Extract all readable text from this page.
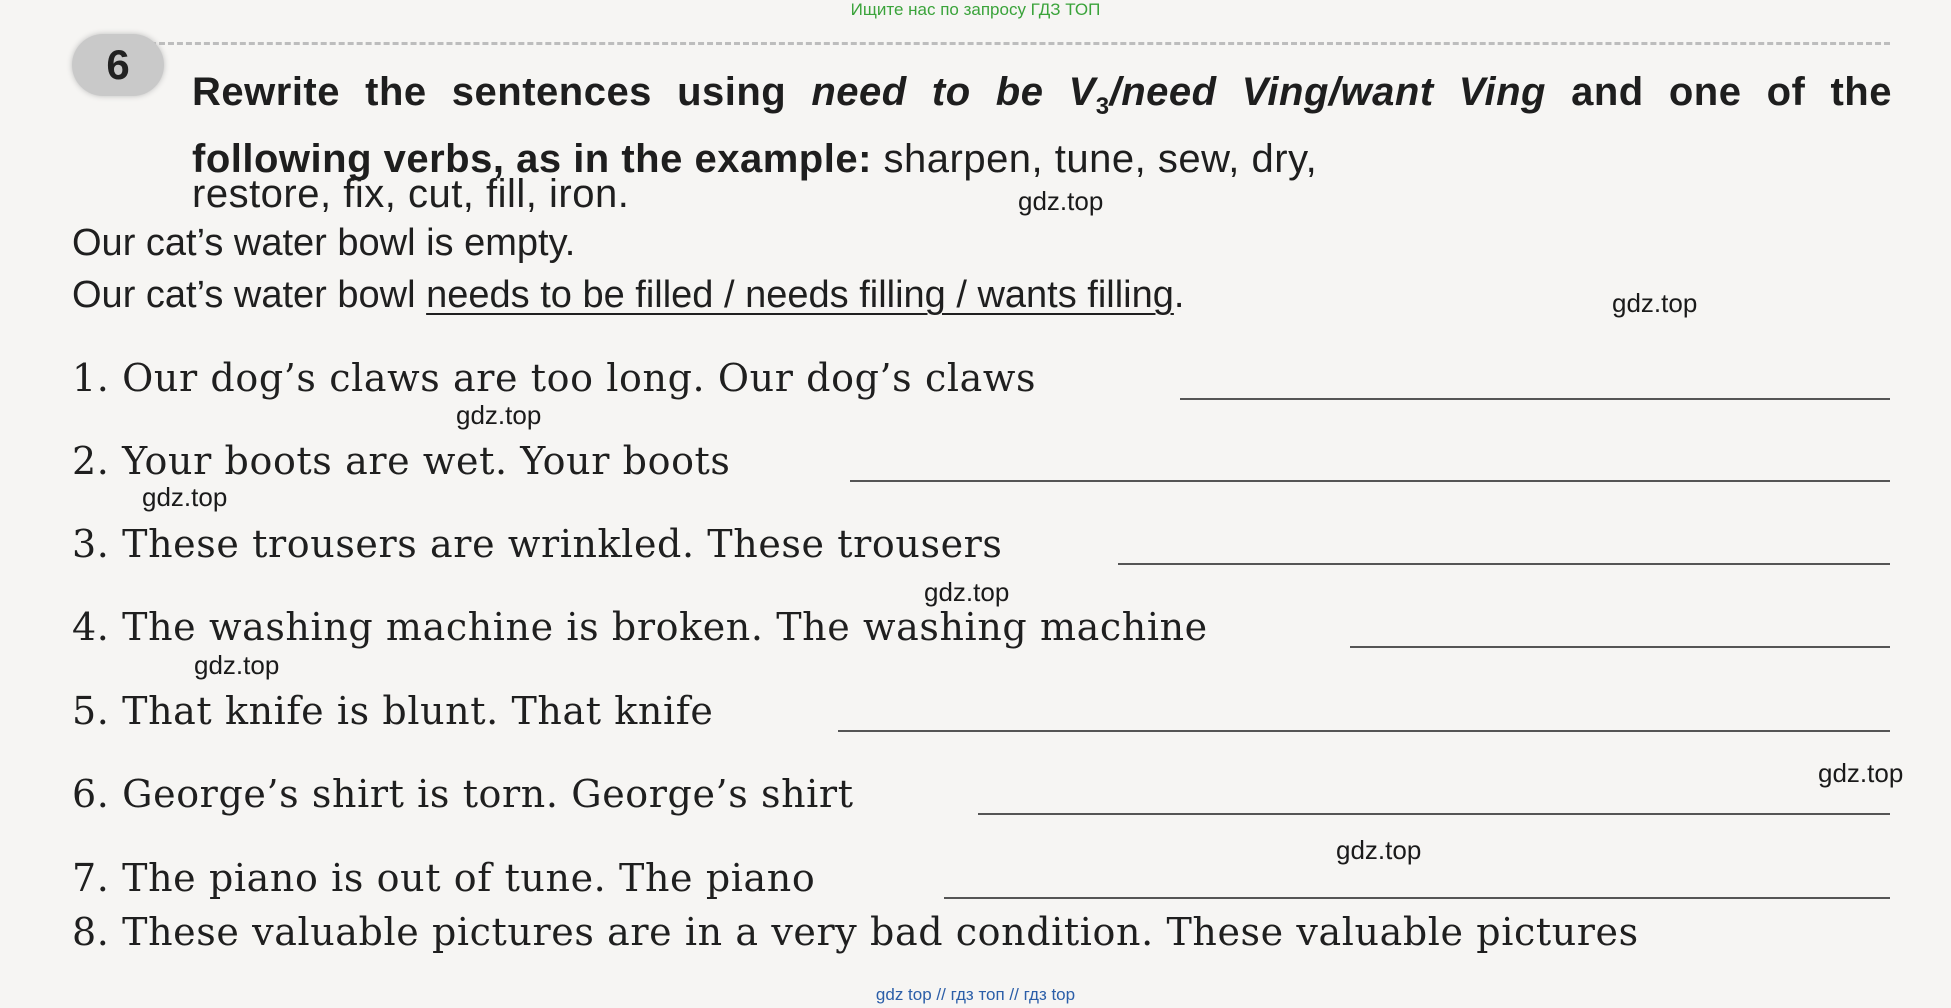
Ищите нас по запросу ГДЗ ТОП
6
Rewrite the sentences using need to be $V_3$/need Ving/want Ving and one of the following verbs, as in the example: sharpen, tune, sew, dry,
restore, fix, cut, fill, iron.
Our cat’s water bowl is empty.
Our cat’s water bowl needs to be filled / needs filling / wants filling.
1. Our dog’s claws are too long. Our dog’s claws
2. Your boots are wet. Your boots
3. These trousers are wrinkled. These trousers
4. The washing machine is broken. The washing machine
5. That knife is blunt. That knife
6. George’s shirt is torn. George’s shirt
7. The piano is out of tune. The piano
8. These valuable pictures are in a very bad condition. These valuable pictures
gdz.top
gdz.top
gdz.top
gdz.top
gdz.top
gdz.top
gdz.top
gdz.top
gdz top // гдз топ // гдз top
